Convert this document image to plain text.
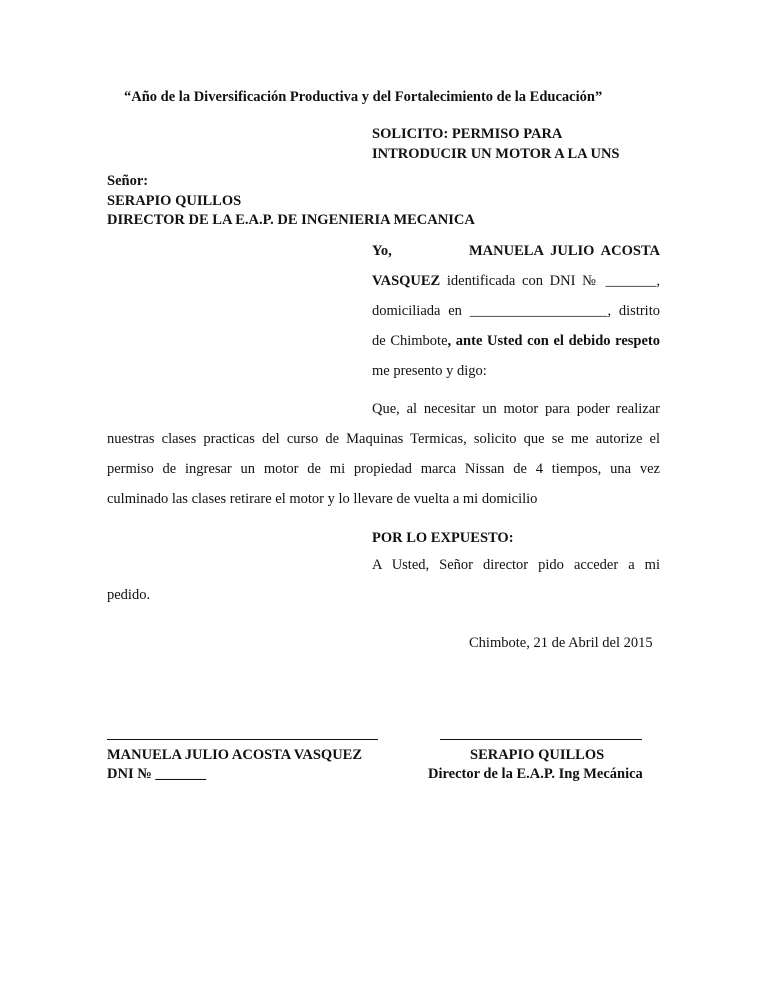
“Año de la Diversificación Productiva y del Fortalecimiento de la Educación”
SOLICITO: PERMISO PARA
INTRODUCIR UN MOTOR A LA UNS
Señor:
SERAPIO QUILLOS
DIRECTOR DE LA E.A.P. DE INGENIERIA MECANICA
Yo,	MANUELA JULIO ACOSTA
VASQUEZ identificada con DNI № _______,
domiciliada en ___________________, distrito
de Chimbote, ante Usted con el debido respeto
me presento y digo:
Que, al necesitar un motor para poder realizar
nuestras clases practicas del curso de Maquinas Termicas, solicito que se me autorize el
permiso de ingresar un motor de mi propiedad marca Nissan de 4 tiempos, una vez
culminado las clases retirare el motor y lo llevare de vuelta a mi domicilio
POR LO EXPUESTO:
A Usted, Señor director pido acceder a mi
pedido.
Chimbote, 21 de Abril del 2015
MANUELA JULIO ACOSTA VASQUEZ
DNI № _______
SERAPIO QUILLOS
Director de la E.A.P. Ing Mecánica
